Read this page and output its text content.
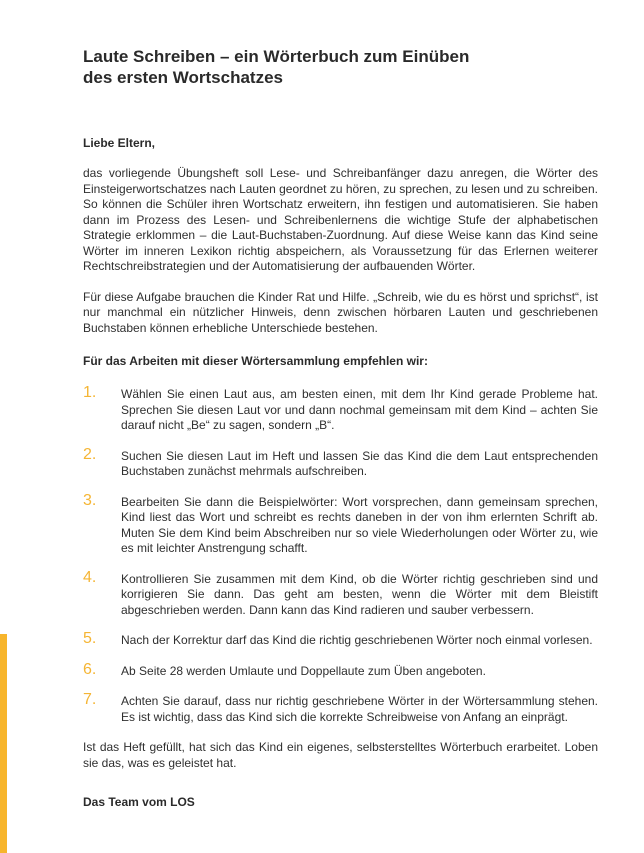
Laute Schreiben – ein Wörterbuch zum Einüben
des ersten Wortschatzes
Liebe Eltern,

das vorliegende Übungsheft soll Lese- und Schreibanfänger dazu anregen, die Wörter des Einsteigerwortschatzes nach Lauten geordnet zu hören, zu sprechen, zu lesen und zu schreiben. So können die Schüler ihren Wortschatz erweitern, ihn festigen und automatisieren. Sie haben dann im Prozess des Lesen- und Schreibenlernens die wichtige Stufe der alphabetischen Strategie erklommen – die Laut-Buchstaben-Zuordnung. Auf diese Weise kann das Kind seine Wörter im inneren Lexikon richtig abspeichern, als Voraussetzung für das Erlernen weiterer Rechtschreibstrategien und der Automatisierung der aufbauenden Wörter.

Für diese Aufgabe brauchen die Kinder Rat und Hilfe. „Schreib, wie du es hörst und sprichst“, ist nur manchmal ein nützlicher Hinweis, denn zwischen hörbaren Lauten und geschriebenen Buchstaben können erhebliche Unterschiede bestehen.

Für das Arbeiten mit dieser Wörtersammlung empfehlen wir:
1.	Wählen Sie einen Laut aus, am besten einen, mit dem Ihr Kind gerade Probleme hat. Sprechen Sie diesen Laut vor und dann nochmal gemeinsam mit dem Kind – achten Sie darauf nicht „Be“ zu sagen, sondern „B“.
2.	Suchen Sie diesen Laut im Heft und lassen Sie das Kind die dem Laut entsprechenden Buchstaben zunächst mehrmals aufschreiben.
3.	Bearbeiten Sie dann die Beispielwörter: Wort vorsprechen, dann gemeinsam sprechen, Kind liest das Wort und schreibt es rechts daneben in der von ihm erlernten Schrift ab. Muten Sie dem Kind beim Abschreiben nur so viele Wiederholungen oder Wörter zu, wie es mit leichter Anstrengung schafft.
4.	Kontrollieren Sie zusammen mit dem Kind, ob die Wörter richtig geschrieben sind und korrigieren Sie dann. Das geht am besten, wenn die Wörter mit dem Bleistift abgeschrieben werden. Dann kann das Kind radieren und sauber verbessern.
5.	Nach der Korrektur darf das Kind die richtig geschriebenen Wörter noch einmal vorlesen.
6.	Ab Seite 28 werden Umlaute und Doppellaute zum Üben angeboten.
7.	Achten Sie darauf, dass nur richtig geschriebene Wörter in der Wörtersammlung stehen. Es ist wichtig, dass das Kind sich die korrekte Schreibweise von Anfang an einprägt.
Ist das Heft gefüllt, hat sich das Kind ein eigenes, selbsterstelltes Wörterbuch erarbeitet. Loben sie das, was es geleistet hat.
Das Team vom LOS
